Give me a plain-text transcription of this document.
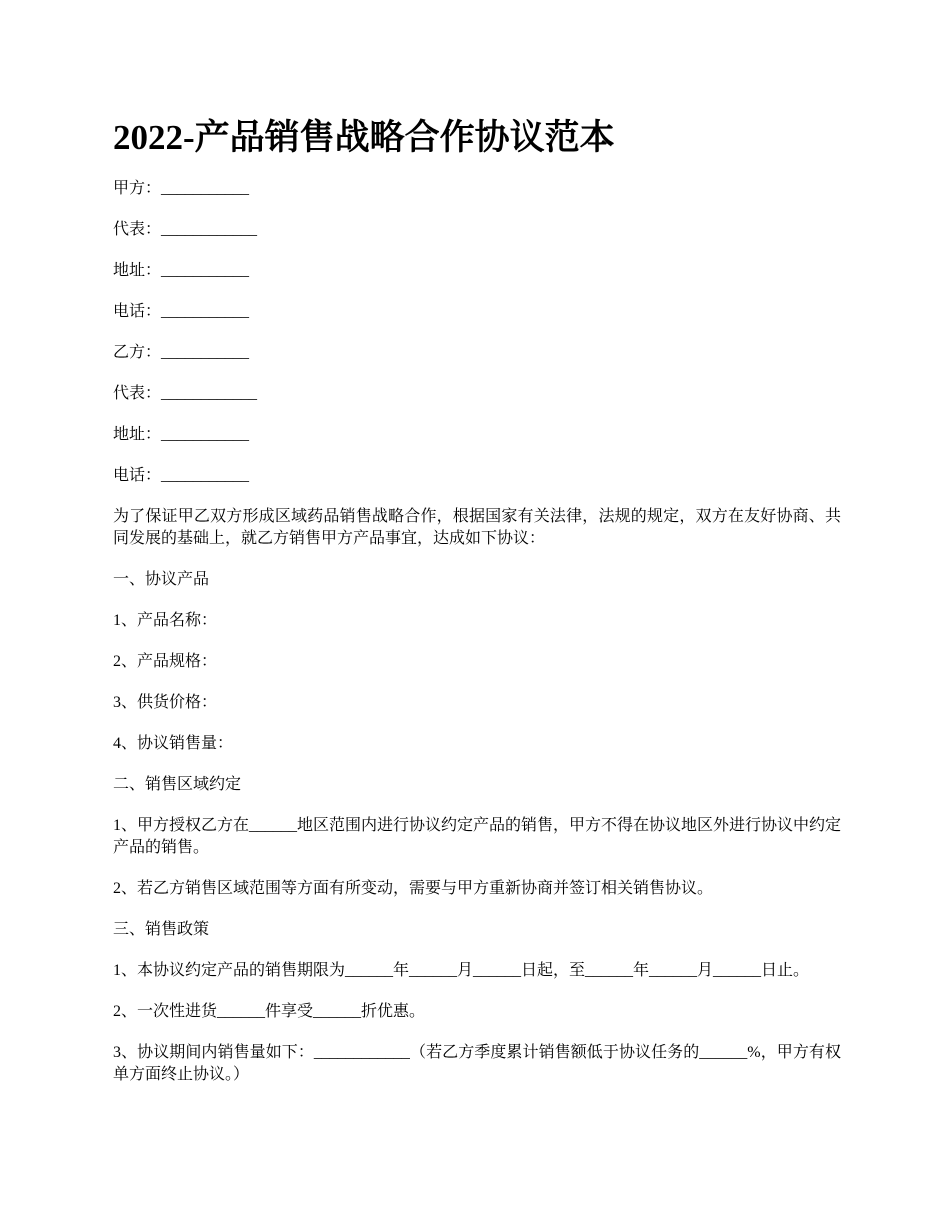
2022-产品销售战略合作协议范本

甲方：___________

代表：____________

地址：___________

电话：___________

乙方：___________

代表：____________

地址：___________

电话：___________

为了保证甲乙双方形成区域药品销售战略合作，根据国家有关法律，法规的规定，双方在友好协商、共同发展的基础上，就乙方销售甲方产品事宜，达成如下协议：

一、协议产品

1、产品名称：

2、产品规格：

3、供货价格：

4、协议销售量：

二、销售区域约定

1、甲方授权乙方在______地区范围内进行协议约定产品的销售，甲方不得在协议地区外进行协议中约定产品的销售。

2、若乙方销售区域范围等方面有所变动，需要与甲方重新协商并签订相关销售协议。

三、销售政策

1、本协议约定产品的销售期限为______年______月______日起，至______年______月______日止。

2、一次性进货______件享受______折优惠。

3、协议期间内销售量如下：____________（若乙方季度累计销售额低于协议任务的______%，甲方有权单方面终止协议。）
